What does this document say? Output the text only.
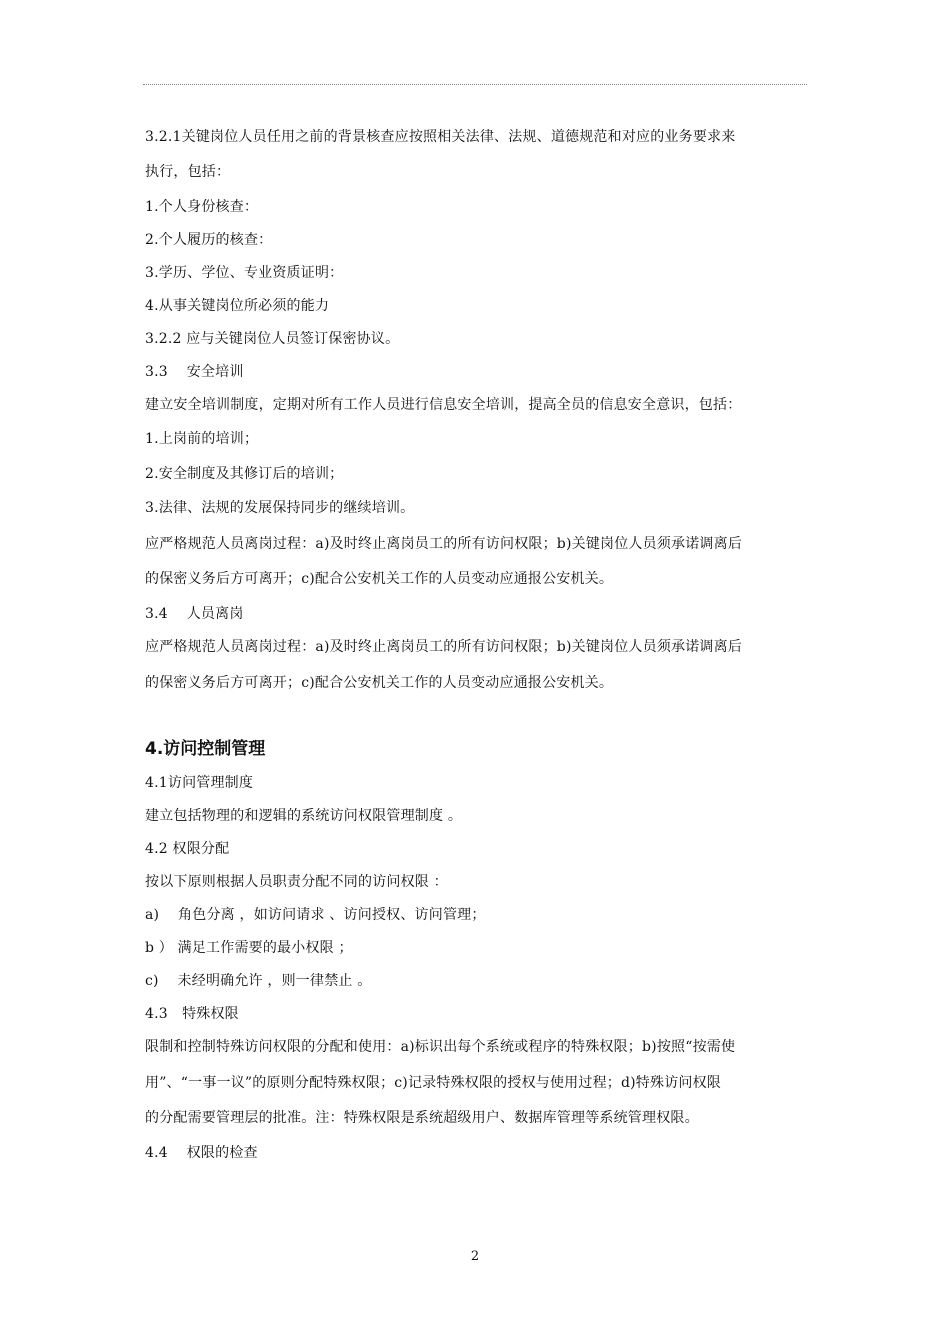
3.2.1关键岗位人员任用之前的背景核查应按照相关法律、法规、道德规范和对应的业务要求来
执行，包括：
1.个人身份核查：
2.个人履历的核查：
3.学历、学位、专业资质证明：
4.从事关键岗位所必须的能力
3.2.2 应与关键岗位人员签订保密协议。
3.3　 安全培训
建立安全培训制度，定期对所有工作人员进行信息安全培训，提高全员的信息安全意识，包括：
1.上岗前的培训；
2.安全制度及其修订后的培训；
3.法律、法规的发展保持同步的继续培训。
应严格规范人员离岗过程：a)及时终止离岗员工的所有访问权限；b)关键岗位人员须承诺调离后
的保密义务后方可离开；c)配合公安机关工作的人员变动应通报公安机关。
3.4　 人员离岗
应严格规范人员离岗过程：a)及时终止离岗员工的所有访问权限；b)关键岗位人员须承诺调离后
的保密义务后方可离开；c)配合公安机关工作的人员变动应通报公安机关。
4.访问控制管理
4.1访问管理制度
建立包括物理的和逻辑的系统访问权限管理制度 。
4.2 权限分配
按以下原则根据人员职责分配不同的访问权限 ：
a)　 角色分离 ，如访问请求 、访问授权、访问管理；
b ） 满足工作需要的最小权限 ；
c)　 未经明确允许 ，则一律禁止 。
4.3　特殊权限
限制和控制特殊访问权限的分配和使用：a)标识出每个系统或程序的特殊权限；b)按照“按需使
用”、“一事一议”的原则分配特殊权限；c)记录特殊权限的授权与使用过程；d)特殊访问权限
的分配需要管理层的批准。注：特殊权限是系统超级用户、数据库管理等系统管理权限。
4.4　 权限的检查
2
